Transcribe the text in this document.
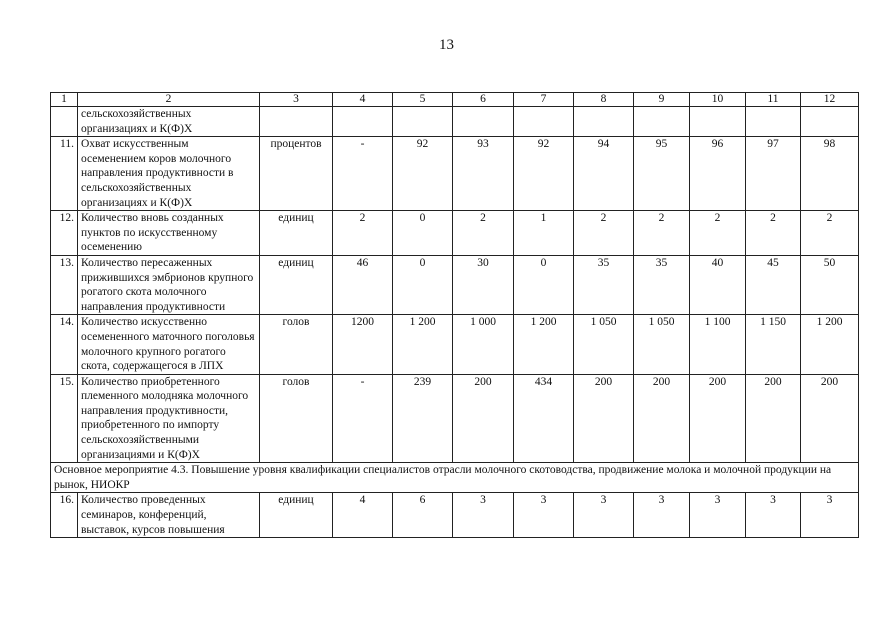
13
1	2	3	4	5	6	7	8	9	10	11	12
	сельскохозяйственных организациях и К(Ф)Х										
11.	Охват искусственным осеменением коров молочного направления продуктивности в сельскохозяйственных организациях и К(Ф)Х	процентов	-	92	93	92	94	95	96	97	98
12.	Количество вновь созданных пунктов по искусственному осеменению	единиц	2	0	2	1	2	2	2	2	2
13.	Количество пересаженных прижившихся эмбрионов крупного рогатого скота молочного направления продуктивности	единиц	46	0	30	0	35	35	40	45	50
14.	Количество искусственно осемененного маточного поголовья молочного крупного рогатого скота, содержащегося в ЛПХ	голов	1200	1 200	1 000	1 200	1 050	1 050	1 100	1 150	1 200
15.	Количество приобретенного племенного молодняка молочного направления продуктивности, приобретенного по импорту сельскохозяйственными организациями и К(Ф)Х	голов	-	239	200	434	200	200	200	200	200
Основное мероприятие 4.3. Повышение уровня квалификации специалистов отрасли молочного скотоводства, продвижение молока и молочной продукции на рынок, НИОКР											
16.	Количество проведенных семинаров, конференций, выставок, курсов повышения	единиц	4	6	3	3	3	3	3	3	3
